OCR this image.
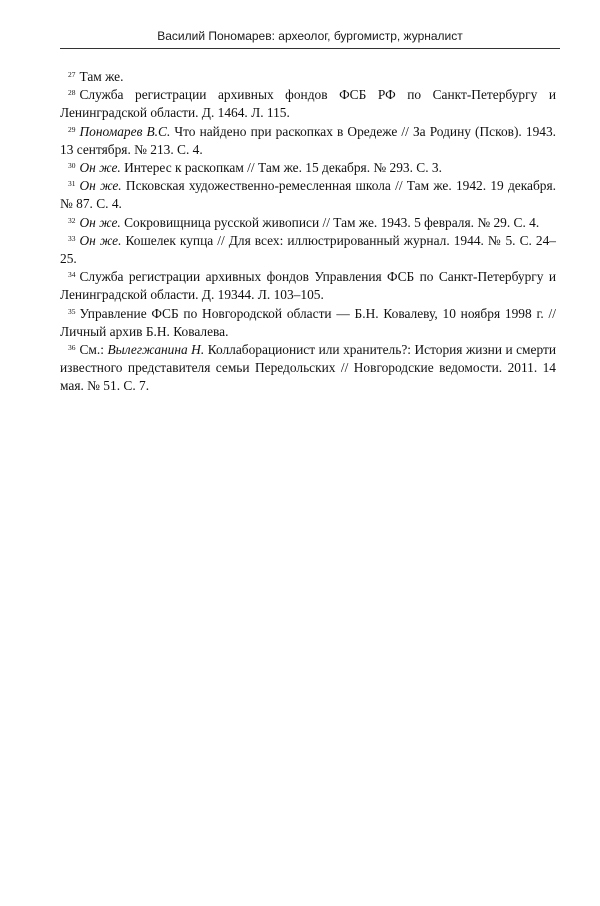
Василий Пономарев: археолог, бургомистр, журналист

$^{27}$ Там же.

$^{28}$ Служба регистрации архивных фондов ФСБ РФ по Санкт-Петербургу и Ленинградской области. Д. 1464. Л. 115.

$^{29}$ Пономарев В.С. Что найдено при раскопках в Оредеже // За Родину (Псков). 1943. 13 сентября. № 213. С. 4.

$^{30}$ Он же. Интерес к раскопкам // Там же. 15 декабря. № 293. С. 3.

$^{31}$ Он же. Псковская художественно-ремесленная школа // Там же. 1942. 19 декабря. № 87. С. 4.

$^{32}$ Он же. Сокровищница русской живописи // Там же. 1943. 5 февраля. № 29. С. 4.

$^{33}$ Он же. Кошелек купца // Для всех: иллюстрированный журнал. 1944. № 5. С. 24–25.

$^{34}$ Служба регистрации архивных фондов Управления ФСБ по Санкт-Петербургу и Ленинградской области. Д. 19344. Л. 103–105.

$^{35}$ Управление ФСБ по Новгородской области — Б.Н. Ковалеву, 10 ноября 1998 г. // Личный архив Б.Н. Ковалева.

$^{36}$ См.: Вылегжанина Н. Коллаборационист или хранитель?: История жизни и смерти известного представителя семьи Передольских // Новгородские ведомости. 2011. 14 мая. № 51. С. 7.
